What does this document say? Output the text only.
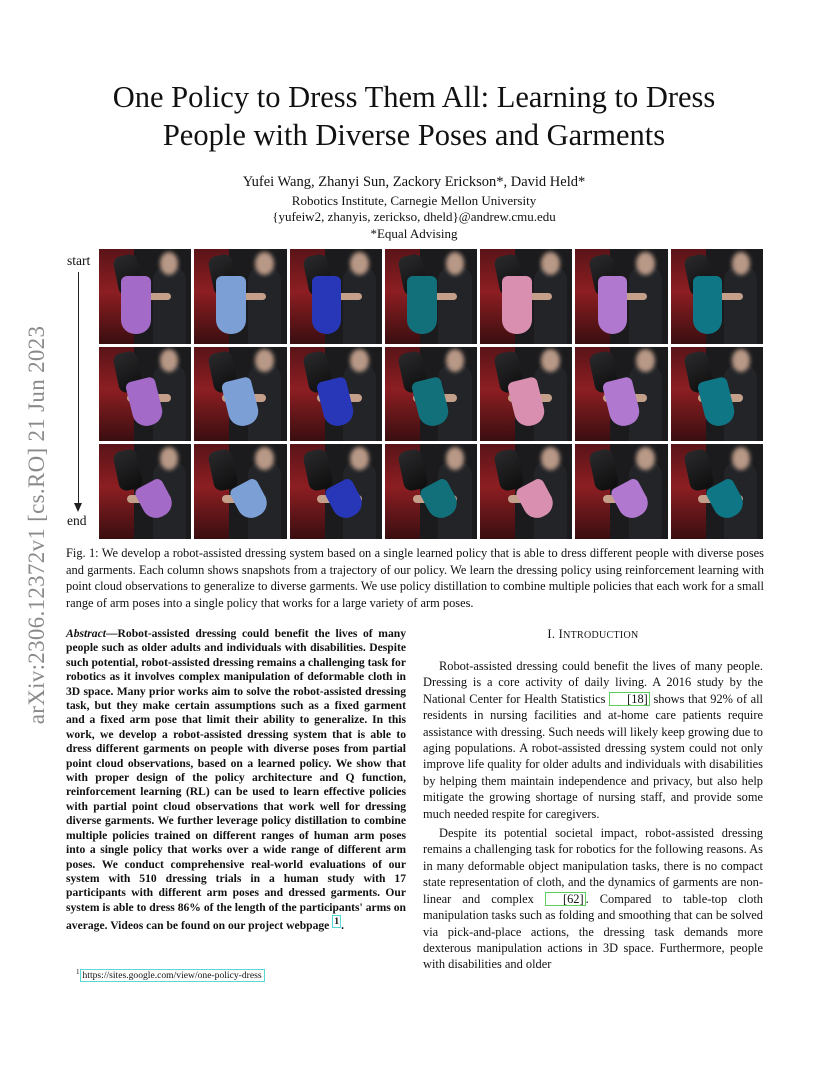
arXiv:2306.12372v1 [cs.RO] 21 Jun 2023
One Policy to Dress Them All: Learning to Dress
People with Diverse Poses and Garments
Yufei Wang, Zhanyi Sun, Zackory Erickson*, David Held*
Robotics Institute, Carnegie Mellon University
{yufeiw2, zhanyis, zerickso, dheld}@andrew.cmu.edu
*Equal Advising
start
end

Fig. 1: We develop a robot-assisted dressing system based on a single learned policy that is able to dress different people with diverse poses and garments. Each column shows snapshots from a trajectory of our policy. We learn the dressing policy using reinforcement learning with point cloud observations to generalize to diverse garments. We use policy distillation to combine multiple policies that each work for a small range of arm poses into a single policy that works for a large variety of arm poses.

Abstract—Robot-assisted dressing could benefit the lives of many people such as older adults and individuals with disabilities. Despite such potential, robot-assisted dressing remains a challenging task for robotics as it involves complex manipulation of deformable cloth in 3D space. Many prior works aim to solve the robot-assisted dressing task, but they make certain assumptions such as a fixed garment and a fixed arm pose that limit their ability to generalize. In this work, we develop a robot-assisted dressing system that is able to dress different garments on people with diverse poses from partial point cloud observations, based on a learned policy. We show that with proper design of the policy architecture and Q function, reinforcement learning (RL) can be used to learn effective policies with partial point cloud observations that work well for dressing diverse garments. We further leverage policy distillation to combine multiple policies trained on different ranges of human arm poses into a single policy that works over a wide range of different arm poses. We conduct comprehensive real-world evaluations of our system with 510 dressing trials in a human study with 17 participants with different arm poses and dressed garments. Our system is able to dress 86% of the length of the participants' arms on average. Videos can be found on our project webpage $^1$ .

$^1$ https://sites.google.com/view/one-policy-dress
I. INTRODUCTION

Robot-assisted dressing could benefit the lives of many people. Dressing is a core activity of daily living. A 2016 study by the National Center for Health Statistics [18] shows that 92% of all residents in nursing facilities and at-home care patients require assistance with dressing. Such needs will likely keep growing due to aging populations. A robot-assisted dressing system could not only improve life quality for older adults and individuals with disabilities by helping them maintain independence and privacy, but also help mitigate the growing shortage of nursing staff, and provide some much needed respite for caregivers.

Despite its potential societal impact, robot-assisted dressing remains a challenging task for robotics for the following reasons. As in many deformable object manipulation tasks, there is no compact state representation of cloth, and the dynamics of garments are non-linear and complex [62] . Compared to table-top cloth manipulation tasks such as folding and smoothing that can be solved via pick-and-place actions, the dressing task demands more dexterous manipulation actions in 3D space. Furthermore, people with disabilities and older
